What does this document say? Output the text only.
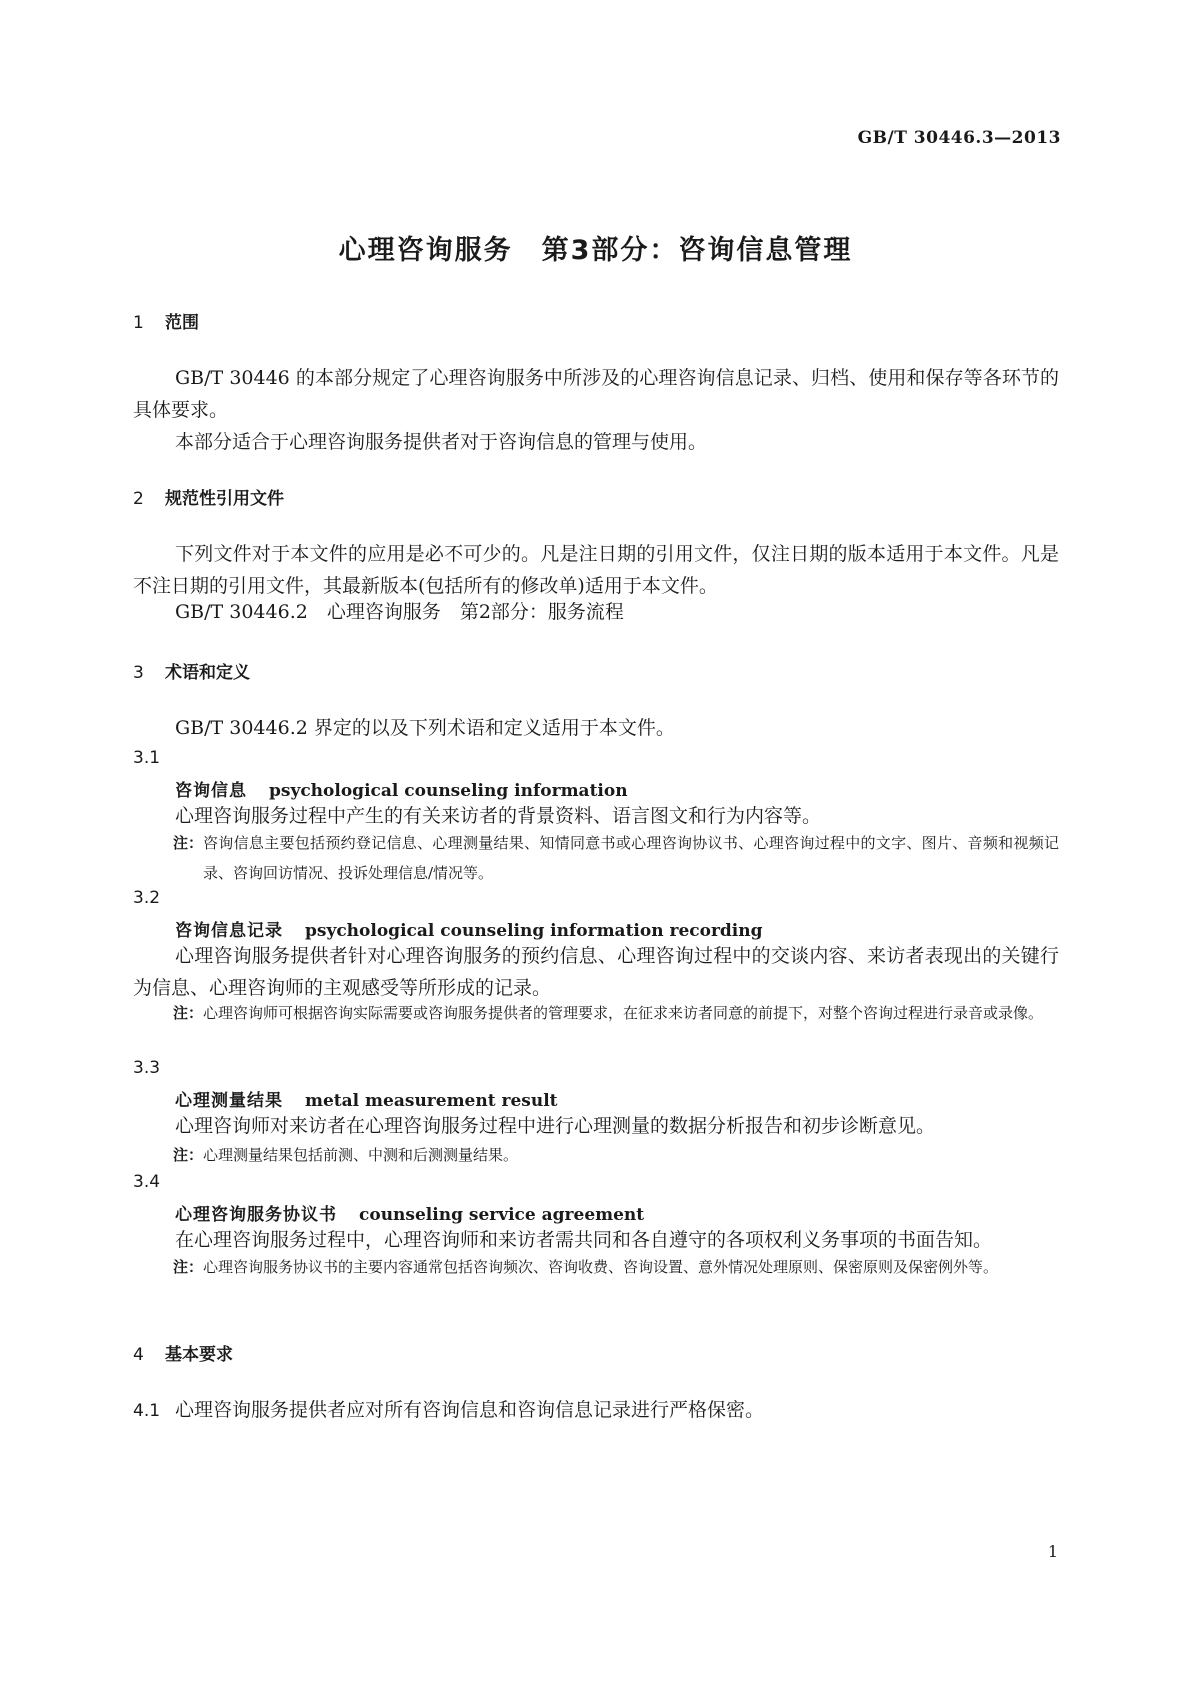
GB/T 30446.3—2013
心理咨询服务　第3部分：咨询信息管理
1 范围

GB/T 30446 的本部分规定了心理咨询服务中所涉及的心理咨询信息记录、归档、使用和保存等各环节的具体要求。

本部分适合于心理咨询服务提供者对于咨询信息的管理与使用。

2 规范性引用文件

下列文件对于本文件的应用是必不可少的。凡是注日期的引用文件，仅注日期的版本适用于本文件。凡是不注日期的引用文件，其最新版本(包括所有的修改单)适用于本文件。

GB/T 30446.2　心理咨询服务　第2部分：服务流程

3 术语和定义

GB/T 30446.2 界定的以及下列术语和定义适用于本文件。

3.1
咨询信息 psychological counseling information

心理咨询服务过程中产生的有关来访者的背景资料、语言图文和行为内容等。

注： 咨询信息主要包括预约登记信息、心理测量结果、知情同意书或心理咨询协议书、心理咨询过程中的文字、图片、音频和视频记录、咨询回访情况、投诉处理信息/情况等。
3.2
咨询信息记录 psychological counseling information recording

心理咨询服务提供者针对心理咨询服务的预约信息、心理咨询过程中的交谈内容、来访者表现出的关键行为信息、心理咨询师的主观感受等所形成的记录。

注： 心理咨询师可根据咨询实际需要或咨询服务提供者的管理要求，在征求来访者同意的前提下，对整个咨询过程进行录音或录像。
3.3
心理测量结果 metal measurement result

心理咨询师对来访者在心理咨询服务过程中进行心理测量的数据分析报告和初步诊断意见。

注： 心理测量结果包括前测、中测和后测测量结果。
3.4
心理咨询服务协议书 counseling service agreement

在心理咨询服务过程中，心理咨询师和来访者需共同和各自遵守的各项权利义务事项的书面告知。

注： 心理咨询服务协议书的主要内容通常包括咨询频次、咨询收费、咨询设置、意外情况处理原则、保密原则及保密例外等。
4 基本要求

4.1 心理咨询服务提供者应对所有咨询信息和咨询信息记录进行严格保密。

1
